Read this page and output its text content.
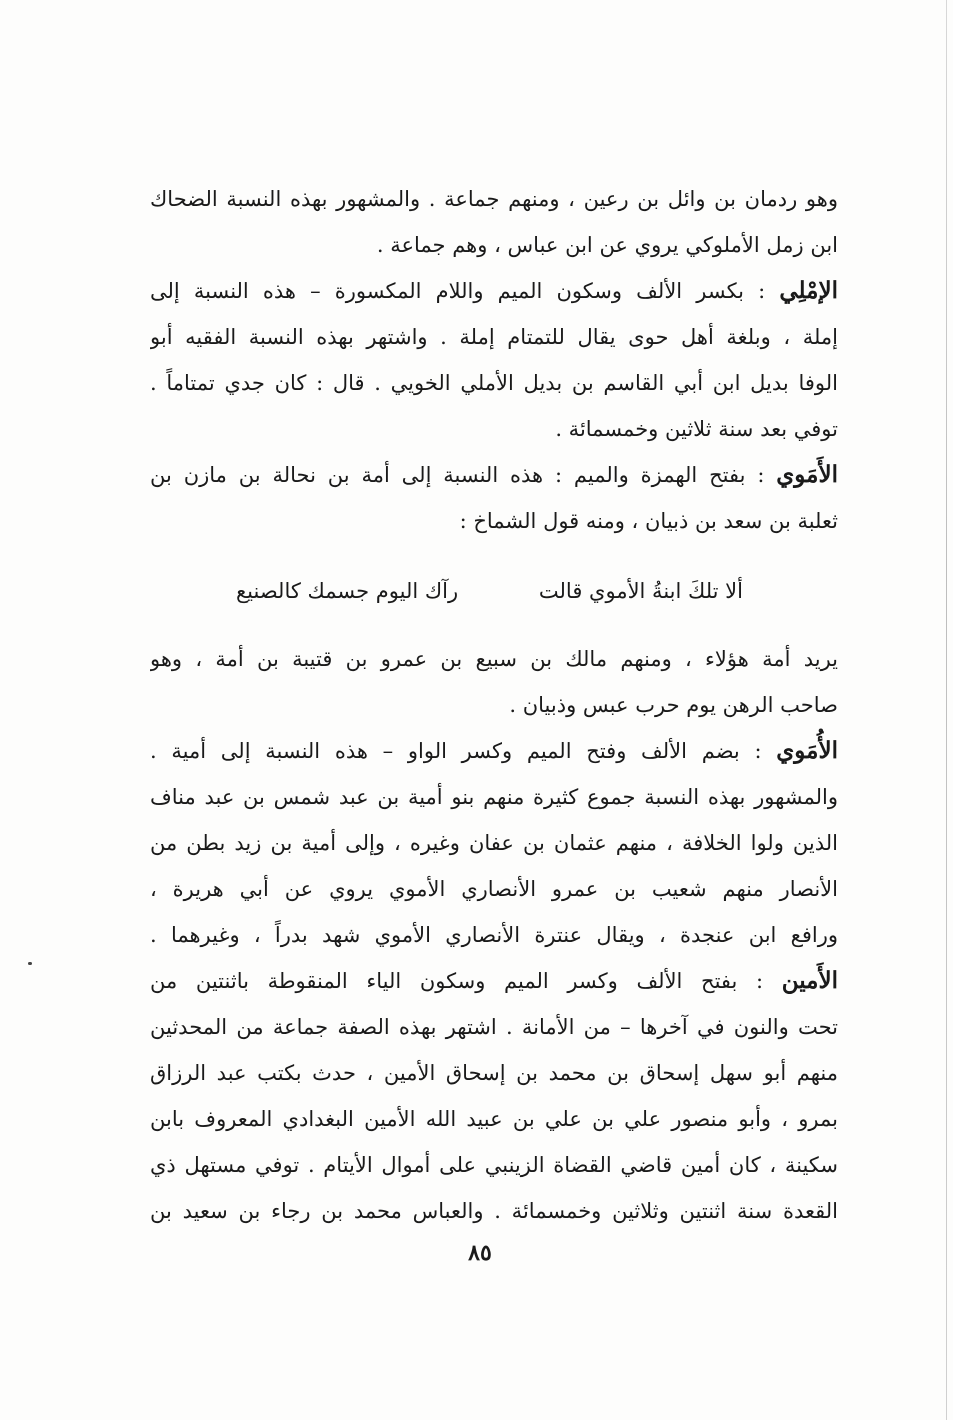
وهو ردمان بن وائل بن رعين ، ومنهم جماعة . والمشهور بهذه النسبة الضحاك
ابن زمل الأملوكي يروي عن ابن عباس ، وهم جماعة .
الإمْلِي : بكسر الألف وسكون الميم واللام المكسورة – هذه النسبة إلى
إملة ، وبلغة أهل حوى يقال للتمتام إملة . واشتهر بهذه النسبة الفقيه أبو
الوفا بديل ابن أبي القاسم بن بديل الأملي الخويي . قال : كان جدي تمتاماً .
توفي بعد سنة ثلاثين وخمسمائة .
الأَمَوي : بفتح الهمزة والميم : هذه النسبة إلى أمة بن نحالة بن مازن بن
ثعلبة بن سعد بن ذبيان ، ومنه قول الشماخ :
ألا تلكَ ابنةُ الأموي قالت
رآك اليوم جسمك كالصنيع
يريد أمة هؤلاء ، ومنهم مالك بن سبيع بن عمرو بن قتيبة بن أمة ، وهو
صاحب الرهن يوم حرب عبس وذبيان .
الأُمَوي : بضم الألف وفتح الميم وكسر الواو – هذه النسبة إلى أمية .
والمشهور بهذه النسبة جموع كثيرة منهم بنو أمية بن عبد شمس بن عبد مناف
الذين ولوا الخلافة ، منهم عثمان بن عفان وغيره ، وإلى أمية بن زيد بطن من
الأنصار منهم شعيب بن عمرو الأنصاري الأموي يروي عن أبي هريرة ،
ورافع ابن عنجدة ، ويقال عنترة الأنصاري الأموي شهد بدراً ، وغيرهما .
الأَمين : بفتح الألف وكسر الميم وسكون الياء المنقوطة باثنتين من
تحت والنون في آخرها – من الأمانة . اشتهر بهذه الصفة جماعة من المحدثين
منهم أبو سهل إسحاق بن محمد بن إسحاق الأمين ، حدث بكتب عبد الرزاق
بمرو ، وأبو منصور علي بن علي بن عبيد الله الأمين البغدادي المعروف بابن
سكينة ، كان أمين قاضي القضاة الزينبي على أموال الأيتام . توفي مستهل ذي
القعدة سنة اثنتين وثلاثين وخمسمائة . والعباس محمد بن رجاء بن سعيد بن
٨٥
